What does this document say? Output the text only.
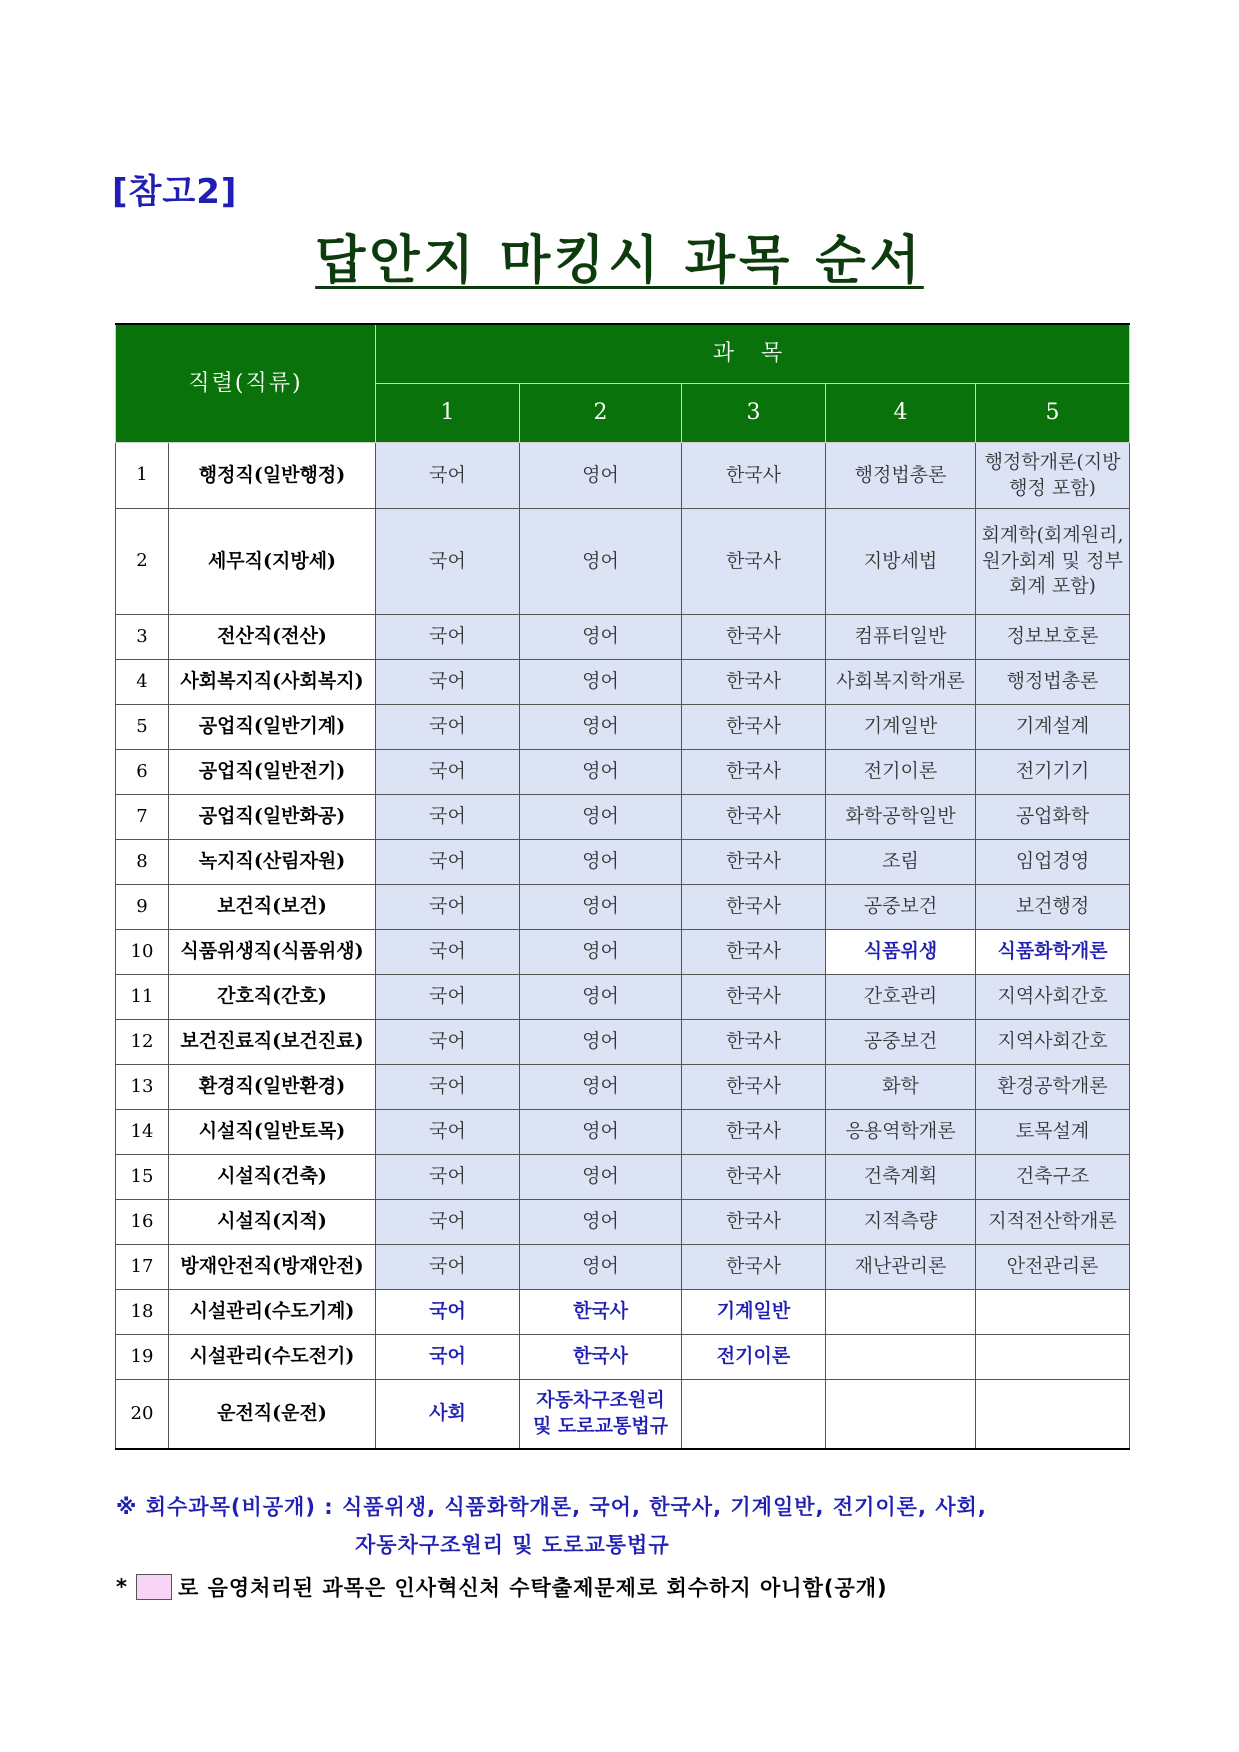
[참고2]
답안지 마킹시 과목 순서
직렬(직류)		과 목				
		1	2	3	4	5
1	행정직(일반행정)	국어	영어	한국사	행정법총론	행정학개론(지방행정 포함)
2	세무직(지방세)	국어	영어	한국사	지방세법	회계학(회계원리, 원가회계 및 정부회계 포함)
3	전산직(전산)	국어	영어	한국사	컴퓨터일반	정보보호론
4	사회복지직(사회복지)	국어	영어	한국사	사회복지학개론	행정법총론
5	공업직(일반기계)	국어	영어	한국사	기계일반	기계설계
6	공업직(일반전기)	국어	영어	한국사	전기이론	전기기기
7	공업직(일반화공)	국어	영어	한국사	화학공학일반	공업화학
8	녹지직(산림자원)	국어	영어	한국사	조림	임업경영
9	보건직(보건)	국어	영어	한국사	공중보건	보건행정
10	식품위생직(식품위생)	국어	영어	한국사	식품위생	식품화학개론
11	간호직(간호)	국어	영어	한국사	간호관리	지역사회간호
12	보건진료직(보건진료)	국어	영어	한국사	공중보건	지역사회간호
13	환경직(일반환경)	국어	영어	한국사	화학	환경공학개론
14	시설직(일반토목)	국어	영어	한국사	응용역학개론	토목설계
15	시설직(건축)	국어	영어	한국사	건축계획	건축구조
16	시설직(지적)	국어	영어	한국사	지적측량	지적전산학개론
17	방재안전직(방재안전)	국어	영어	한국사	재난관리론	안전관리론
18	시설관리(수도기계)	국어	한국사	기계일반		
19	시설관리(수도전기)	국어	한국사	전기이론		
20	운전직(운전)	사회	자동차구조원리 및 도로교통법규			
※ 회수과목(비공개) : 식품위생, 식품화학개론, 국어, 한국사, 기계일반, 전기이론, 사회,
자동차구조원리 및 도로교통법규
* 로 음영처리된 과목은 인사혁신처 수탁출제문제로 회수하지 아니함(공개)
